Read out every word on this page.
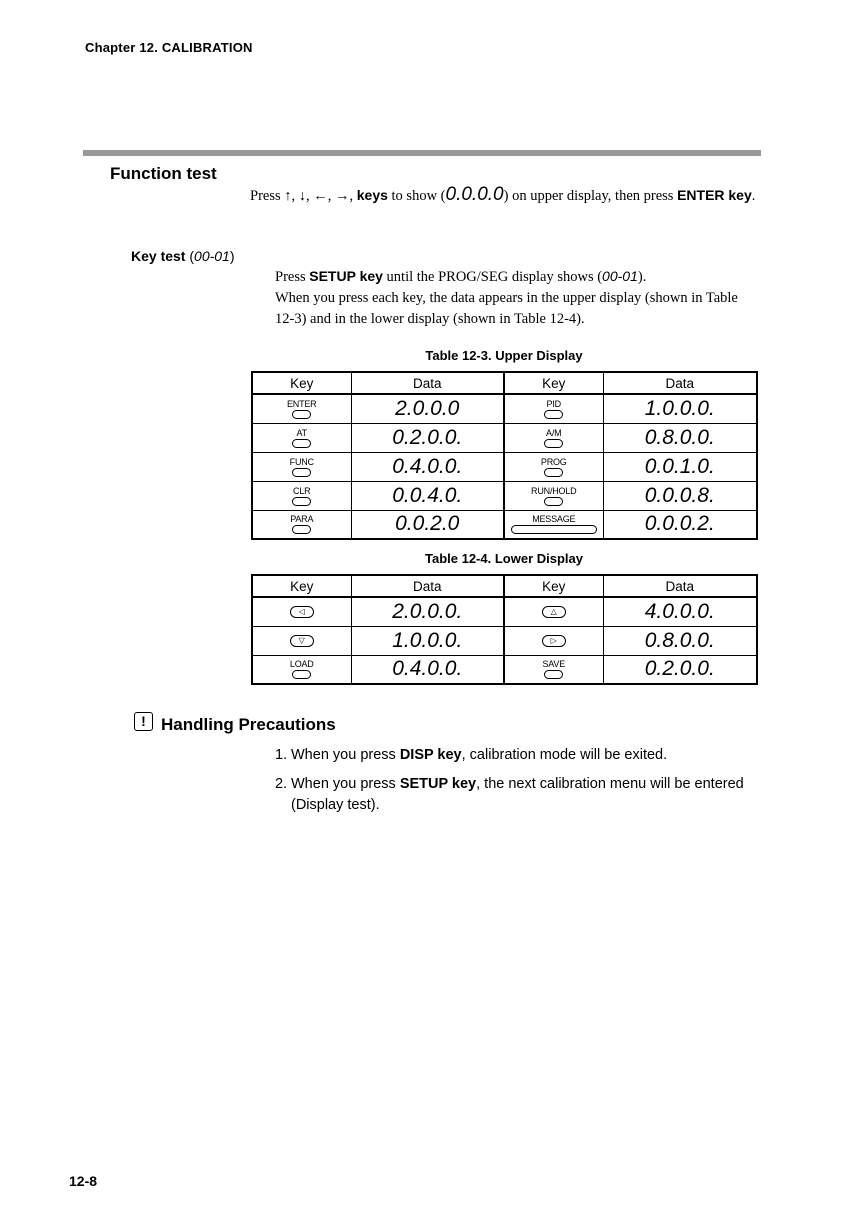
Chapter 12. CALIBRATION
Function test
Press ↑, ↓, ←, →, keys to show (0.0.0.0) on upper display, then press ENTER key.
Key test (00-01)
Press SETUP key until the PROG/SEG display shows (00-01).
When you press each key, the data appears in the upper display (shown in Table 12-3) and in the lower display (shown in Table 12-4).
Table 12-3. Upper Display
Key	Data	Key	Data

ENTER	2.0.0.0	PID	1.0.0.0.

AT	0.2.0.0.	A/M	0.8.0.0.

FUNC	0.4.0.0.	PROG	0.0.1.0.

CLR	0.0.4.0.	RUN/HOLD	0.0.0.8.

PARA	0.0.2.0	MESSAGE	0.0.0.2.
Table 12-4. Lower Display
Key	Data	Key	Data

◁	2.0.0.0.	△	4.0.0.0.

▽	1.0.0.0.	▷	0.8.0.0.

LOAD	0.4.0.0.	SAVE	0.2.0.0.
! Handling Precautions
1. When you press DISP key, calibration mode will be exited.
2. When you press SETUP key, the next calibration menu will be entered (Display test).
12-8
